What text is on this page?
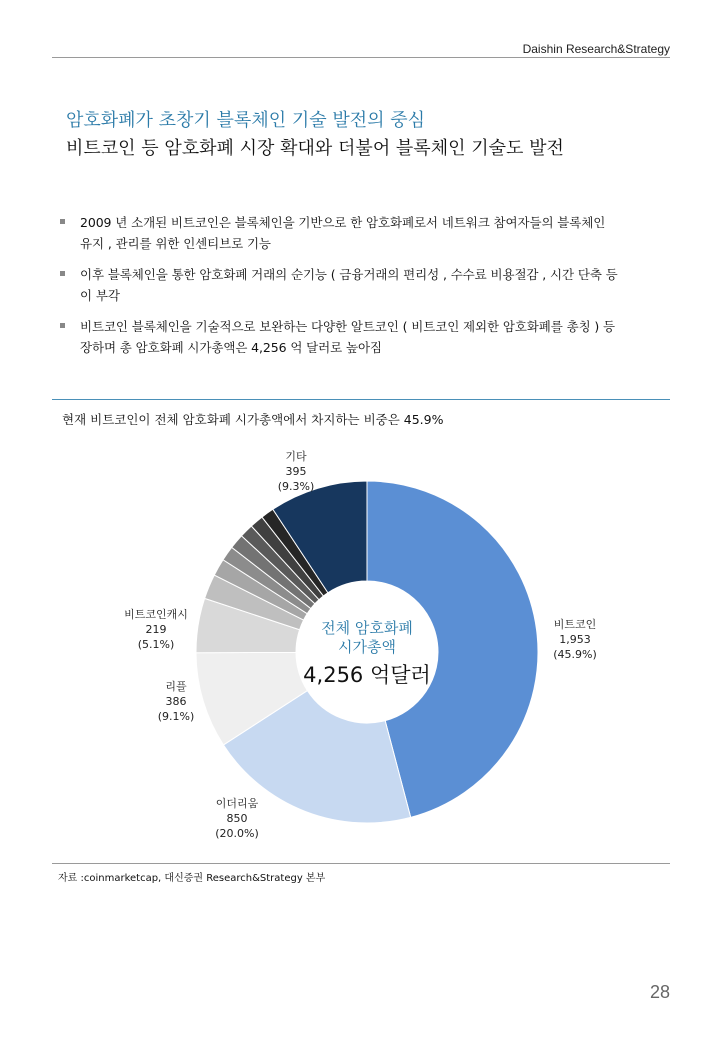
Daishin Research&Strategy
암호화폐가 초창기 블록체인 기술 발전의 중심
비트코인 등 암호화폐 시장 확대와 더불어 블록체인 기술도 발전
2009 년 소개된 비트코인은 블록체인을 기반으로 한 암호화폐로서 네트워크 참여자들의 블록체인
유지 , 관리를 위한 인센티브로 기능
이후 블록체인을 통한 암호화폐 거래의 순기능 ( 금융거래의 편리성 , 수수료 비용절감 , 시간 단축 등
이 부각
비트코인 블록체인을 기술적으로 보완하는 다양한 알트코인 ( 비트코인 제외한 암호화폐를 총칭 ) 등
장하며 총 암호화폐 시가총액은 4,256 억 달러로 높아짐
현재 비트코인이 전체 암호화폐 시가총액에서 차지하는 비중은 45.9%
비트코인 1,953 (45.9%)
이더리움 850 (20.0%)
리플 386 (9.1%)
비트코인캐시 219 (5.1%)
기타 395 (9.3%)
전체 암호화폐
시가총액
4,256 억달러
자료 :coinmarketcap, 대신증권 Research&Strategy 본부
28
